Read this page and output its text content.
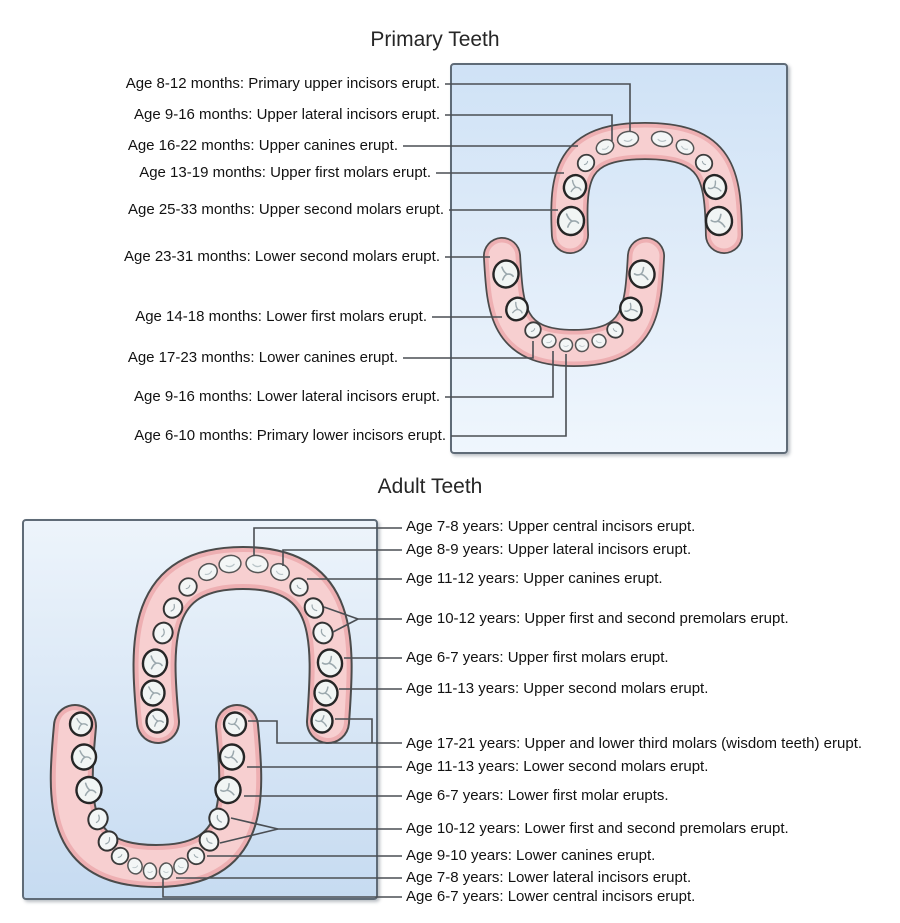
Primary Teeth
Adult Teeth
Age 8-12 months: Primary upper incisors erupt.
Age 9-16 months: Upper lateral incisors erupt.
Age 16-22 months: Upper canines erupt.
Age 13-19 months: Upper first molars erupt.
Age 25-33 months: Upper second molars erupt.
Age 23-31 months: Lower second molars erupt.
Age 14-18 months: Lower first molars erupt.
Age 17-23 months: Lower canines erupt.
Age 9-16 months: Lower lateral incisors erupt.
Age 6-10 months: Primary lower incisors erupt.
Age 7-8 years: Upper central incisors erupt.
Age 8-9 years: Upper lateral incisors erupt.
Age 11-12 years: Upper canines erupt.
Age 10-12 years: Upper first and second premolars erupt.
Age 6-7 years: Upper first molars erupt.
Age 11-13 years: Upper second molars erupt.
Age 17-21 years: Upper and lower third molars (wisdom teeth) erupt.
Age 11-13 years: Lower second molars erupt.
Age 6-7 years: Lower first molar erupts.
Age 10-12 years: Lower first and second premolars erupt.
Age 9-10 years: Lower canines erupt.
Age 7-8 years: Lower lateral incisors erupt.
Age 6-7 years: Lower central incisors erupt.
